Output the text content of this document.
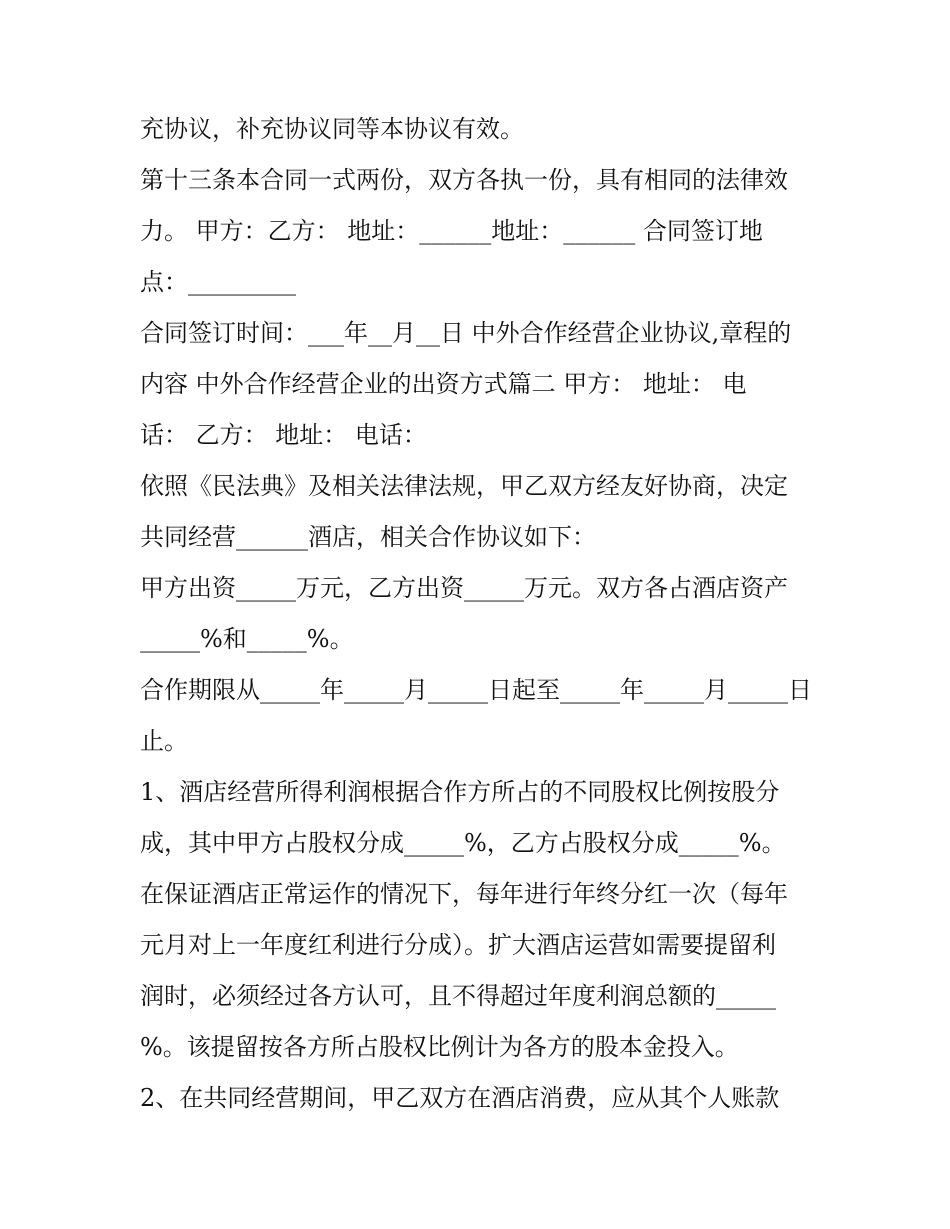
充协议，补充协议同等本协议有效。

第十三条本合同一式两份，双方各执一份，具有相同的法律效

力。 甲方：乙方： 地址：______地址：______ 合同签订地

点：_________

合同签订时间：___年__月__日 中外合作经营企业协议,章程的

内容 中外合作经营企业的出资方式篇二 甲方： 地址： 电

话： 乙方： 地址： 电话：

依照《民法典》及相关法律法规，甲乙双方经友好协商，决定

共同经营______酒店，相关合作协议如下：

甲方出资_____万元，乙方出资_____万元。双方各占酒店资产

_____%和_____%。

合作期限从_____年_____月_____日起至_____年_____月_____日

止。

1、酒店经营所得利润根据合作方所占的不同股权比例按股分

成，其中甲方占股权分成_____%，乙方占股权分成_____%。

在保证酒店正常运作的情况下，每年进行年终分红一次（每年

元月对上一年度红利进行分成）。扩大酒店运营如需要提留利

润时，必须经过各方认可，且不得超过年度利润总额的_____

%。该提留按各方所占股权比例计为各方的股本金投入。

2、在共同经营期间，甲乙双方在酒店消费，应从其个人账款
